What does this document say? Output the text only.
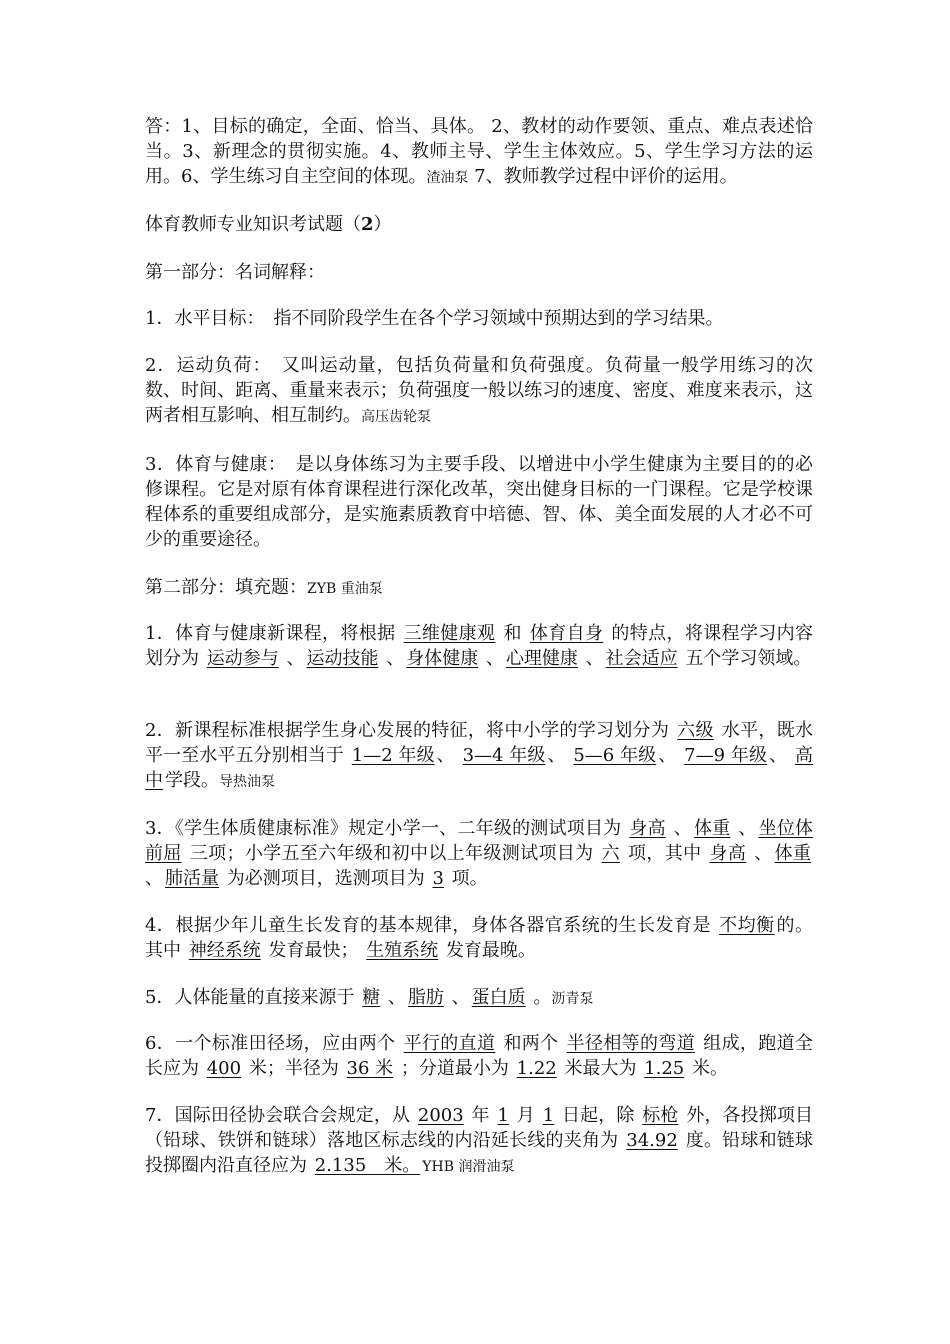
答：1、目标的确定，全面、恰当、具体。 2、教材的动作要领、重点、难点表述恰当。3、新理念的贯彻实施。4、教师主导、学生主体效应。5、学生学习方法的运用。6、学生练习自主空间的体现。渣油泵 7、教师教学过程中评价的运用。
体育教师专业知识考试题（2）
第一部分：名词解释：
1．水平目标：　指不同阶段学生在各个学习领域中预期达到的学习结果。
2．运动负荷：　又叫运动量，包括负荷量和负荷强度。负荷量一般学用练习的次数、时间、距离、重量来表示；负荷强度一般以练习的速度、密度、难度来表示，这两者相互影响、相互制约。高压齿轮泵
3．体育与健康：　是以身体练习为主要手段、以增进中小学生健康为主要目的的必修课程。它是对原有体育课程进行深化改革，突出健身目标的一门课程。它是学校课程体系的重要组成部分，是实施素质教育中培德、智、体、美全面发展的人才必不可少的重要途径。
第二部分：填充题：ZYB 重油泵
1．体育与健康新课程，将根据 三维健康观 和 体育自身 的特点，将课程学习内容划分为 运动参与 、 运动技能 、 身体健康 、 心理健康 、 社会适应 五个学习领域。
2．新课程标准根据学生身心发展的特征，将中小学的学习划分为 六级 水平，既水平一至水平五分别相当于 1—2 年级 、 3—4 年级 、 5—6 年级 、 7—9 年级 、 高中 学段。导热油泵
3．《学生体质健康标准》规定小学一、二年级的测试项目为 身高 、 体重 、 坐位体前屈 三项；小学五至六年级和初中以上年级测试项目为 六 项，其中 身高 、 体重 、 肺活量 为必测项目，选测项目为 3 项。
4．根据少年儿童生长发育的基本规律，身体各器官系统的生长发育是 不均衡 的。其中 神经系统 发育最快； 生殖系统 发育最晚。
5．人体能量的直接来源于 糖 、 脂肪 、 蛋白质 。沥青泵
6．一个标准田径场，应由两个 平行的直道 和两个 半径相等的弯道 组成，跑道全长应为 400 米；半径为 36 米 ；分道最小为 1.22 米最大为 1.25 米。
7．国际田径协会联合会规定，从 2003 年 1 月 1 日起，除 标枪 外，各投掷项目（铅球、铁饼和链球）落地区标志线的内沿延长线的夹角为 34.92 度。铅球和链球投掷圈内沿直径应为 2.135　米。 YHB 润滑油泵
